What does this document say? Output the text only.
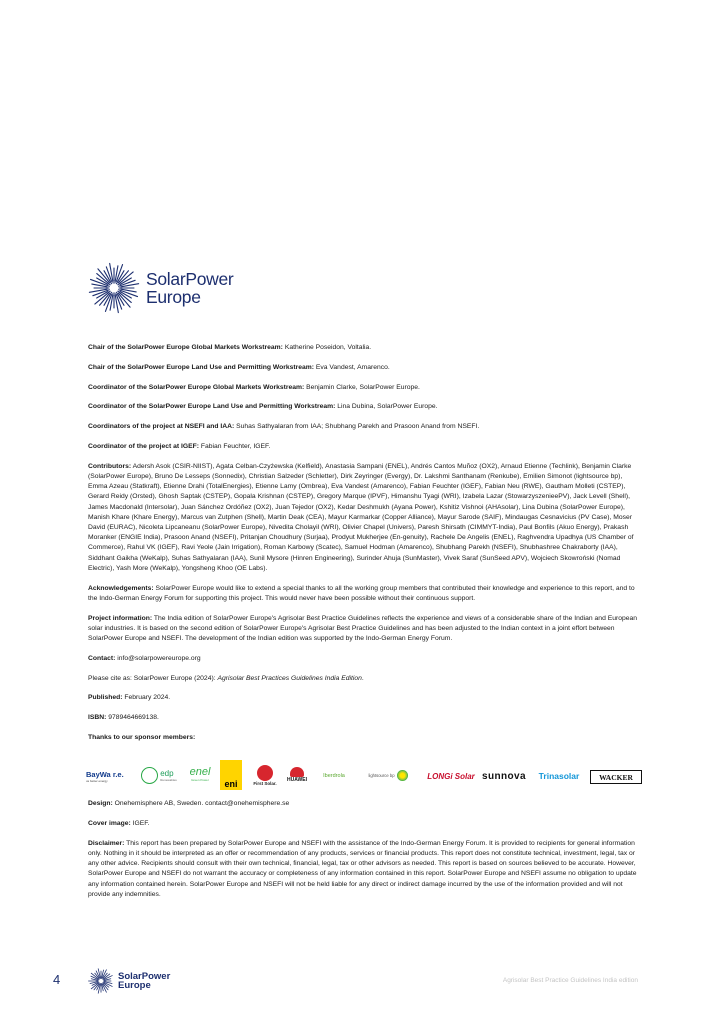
SolarPower
Europe

Chair of the SolarPower Europe Global Markets Workstream: Katherine Poseidon, Voltalia.

Chair of the SolarPower Europe Land Use and Permitting Workstream: Eva Vandest, Amarenco.

Coordinator of the SolarPower Europe Global Markets Workstream: Benjamin Clarke, SolarPower Europe.

Coordinator of the SolarPower Europe Land Use and Permitting Workstream: Lina Dubina, SolarPower Europe.

Coordinators of the project at NSEFI and IAA: Suhas Sathyalaran from IAA; Shubhang Parekh and Prasoon Anand from NSEFI.

Coordinator of the project at IGEF: Fabian Feuchter, IGEF.

Contributors: Adersh Asok (CSIR-NIIST), Agata Celban-Czyżewska (Kelfield), Anastasia Sampani (ENEL), Andrés Cantos Muñoz (OX2), Arnaud Etienne (Techlink), Benjamin Clarke (SolarPower Europe), Bruno De Lesseps (Sonnedix), Christian Salzeder (Schletter), Dirk Zeyringer (Evergy), Dr. Lakshmi Santhanam (Renkube), Emilien Simonot (lightsource bp), Emma Azeau (Statkraft), Etienne Drahi (TotalEnergies), Etienne Lamy (Ombrea), Eva Vandest (Amarenco), Fabian Feuchter (IGEF), Fabian Neu (RWE), Gautham Molleti (CSTEP), Gerard Reidy (Orsted), Ghosh Saptak (CSTEP), Gopala Krishnan (CSTEP), Gregory Marque (IPVF), Himanshu Tyagi (WRI), Izabela Lazar (StowarzyszenieePV), Jack Levell (Shell), James Macdonald (Intersolar), Juan Sánchez Ordóñez (OX2), Juan Tejedor (OX2), Kedar Deshmukh (Ayana Power), Kshitiz Vishnoi (AHAsolar), Lina Dubina (SolarPower Europe), Manish Khare (Khare Energy), Marcus van Zutphen (Shell), Martin Deak (CEA), Mayur Karmarkar (Copper Alliance), Mayur Sarode (SAIF), Mindaugas Cesnavicius (PV Case), Moser David (EURAC), Nicoleta Lipcaneanu (SolarPower Europe), Nivedita Cholayil (WRI), Olivier Chapel (Univers), Paresh Shirsath (CIMMYT-India), Paul Bonfils (Akuo Energy), Prakash Moranker (ENGIE India), Prasoon Anand (NSEFI), Pritanjan Choudhury (Surjaa), Prodyut Mukherjee (En-genuity), Rachele De Angelis (ENEL), Raghvendra Upadhya (US Chamber of Commerce), Rahul VK (IGEF), Ravi Yeole (Jain Irrigation), Roman Karbowy (Scatec), Samuel Hodman (Amarenco), Shubhang Parekh (NSEFI), Shubhashree Chakraborty (IAA), Siddhant Gaikha (WeKalp), Suhas Sathyalaran (IAA), Sunil Mysore (Hinren Engineering), Surinder Ahuja (SunMaster), Vivek Saraf (SunSeed APV), Wojciech Skowroński (Nomad Electric), Yash More (WeKalp), Yongsheng Khoo (OE Labs).

Acknowledgements: SolarPower Europe would like to extend a special thanks to all the working group members that contributed their knowledge and experience to this report, and to the Indo-German Energy Forum for supporting this project. This would never have been possible without their continuous support.

Project information: The India edition of SolarPower Europe's Agrisolar Best Practice Guidelines reflects the experience and views of a considerable share of the Indian and European solar industries. It is based on the second edition of SolarPower Europe's Agrisolar Best Practice Guidelines and has been adjusted to the Indian context in a joint effort between SolarPower Europe and NSEFI. The development of the Indian edition was supported by the Indo-German Energy Forum.

Contact: info@solarpowereurope.org

Please cite as: SolarPower Europe (2024): Agrisolar Best Practices Guidelines India Edition.

Published: February 2024.

ISBN: 9789464669138.

Thanks to our sponsor members:

Design: Onehemisphere AB, Sweden. contact@onehemisphere.se

Cover image: IGEF.

Disclaimer: This report has been prepared by SolarPower Europe and NSEFI with the assistance of the Indo-German Energy Forum. It is provided to recipients for general information only. Nothing in it should be interpreted as an offer or recommendation of any products, services or financial products. This report does not constitute technical, investment, legal, tax or any other advice. Recipients should consult with their own technical, financial, legal, tax or other advisors as needed. This report is based on sources believed to be accurate. However, SolarPower Europe and NSEFI do not warrant the accuracy or completeness of any information contained in this report. SolarPower Europe and NSEFI assume no obligation to update any information contained herein. SolarPower Europe and NSEFI will not be held liable for any direct or indirect damage incurred by the use of the information provided and will not provide any indemnities.

BayWa r.e.
us better energy
edp
Renewables
enel
Green Power eni	First Solar. HUAWEI
Iberdrola	lightsource bp	LONGi Solar sunnova Trinasolar	WACKER
4	SolarPower
Europe	Agrisolar Best Practice Guidelines India edition
